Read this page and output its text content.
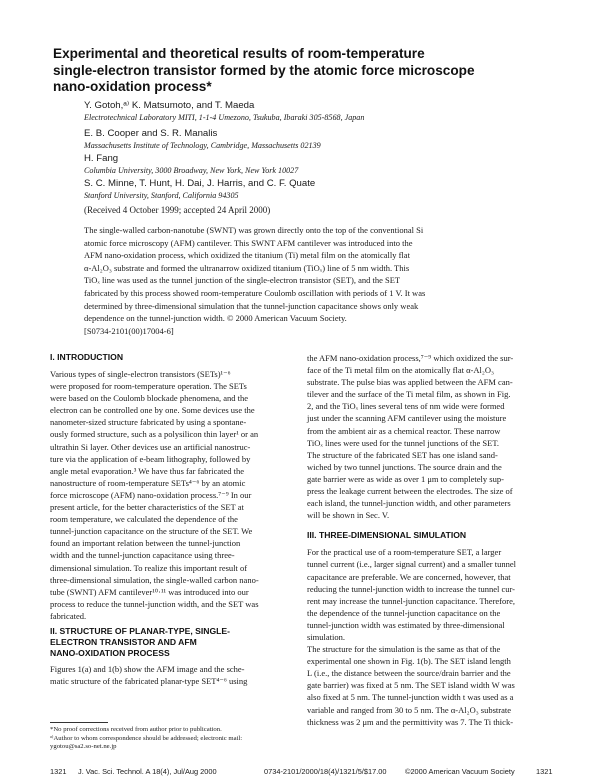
Experimental and theoretical results of room-temperature
single-electron transistor formed by the atomic force microscope
nano-oxidation process*
Y. Gotoh,ᵃ⁾ K. Matsumoto, and T. Maeda
Electrotechnical Laboratory MITI, 1-1-4 Umezono, Tsukuba, Ibaraki 305-8568, Japan
E. B. Cooper and S. R. Manalis
Massachusetts Institute of Technology, Cambridge, Massachusetts 02139
H. Fang
Columbia University, 3000 Broadway, New York, New York 10027
S. C. Minne, T. Hunt, H. Dai, J. Harris, and C. F. Quate
Stanford University, Stanford, California 94305
(Received 4 October 1999; accepted 24 April 2000)
The single-walled carbon-nanotube (SWNT) was grown directly onto the top of the conventional Si
atomic force microscopy (AFM) cantilever. This SWNT AFM cantilever was introduced into the
AFM nano-oxidation process, which oxidized the titanium (Ti) metal film on the atomically flat
α-Al₂O₃ substrate and formed the ultranarrow oxidized titanium (TiOₓ) line of 5 nm width. This
TiOₓ line was used as the tunnel junction of the single-electron transistor (SET), and the SET
fabricated by this process showed room-temperature Coulomb oscillation with periods of 1 V. It was
determined by three-dimensional simulation that the tunnel-junction capacitance shows only weak
dependence on the tunnel-junction width. © 2000 American Vacuum Society.
[S0734-2101(00)17004-6]
I. INTRODUCTION
Various types of single-electron transistors (SETs)¹⁻⁶
were proposed for room-temperature operation. The SETs
were based on the Coulomb blockade phenomena, and the
electron can be controlled one by one. Some devices use the
nanometer-sized structure fabricated by using a spontane-
ously formed structure, such as a polysilicon thin layer¹ or an
ultrathin Si layer. Other devices use an artificial nanostruc-
ture via the application of e-beam lithography, followed by
angle metal evaporation.³ We have thus far fabricated the
nanostructure of room-temperature SETs⁴⁻⁶ by an atomic
force microscope (AFM) nano-oxidation process.⁷⁻⁹ In our
present article, for the better characteristics of the SET at
room temperature, we calculated the dependence of the
tunnel-junction capacitance on the structure of the SET. We
found an important relation between the tunnel-junction
width and the tunnel-junction capacitance using three-
dimensional simulation. To realize this important result of
three-dimensional simulation, the single-walled carbon nano-
tube (SWNT) AFM cantilever¹⁰·¹¹ was introduced into our
process to reduce the tunnel-junction width, and the SET was
fabricated.
II. STRUCTURE OF PLANAR-TYPE, SINGLE-
ELECTRON TRANSISTOR AND AFM
NANO-OXIDATION PROCESS
Figures 1(a) and 1(b) show the AFM image and the sche-
matic structure of the fabricated planar-type SET⁴⁻⁶ using
the AFM nano-oxidation process,⁷⁻⁹ which oxidized the sur-
face of the Ti metal film on the atomically flat α-Al₂O₃
substrate. The pulse bias was applied between the AFM can-
tilever and the surface of the Ti metal film, as shown in Fig.
2, and the TiOₓ lines several tens of nm wide were formed
just under the scanning AFM cantilever using the moisture
from the ambient air as a chemical reactor. These narrow
TiOₓ lines were used for the tunnel junctions of the SET.
The structure of the fabricated SET has one island sand-
wiched by two tunnel junctions. The source drain and the
gate barrier were as wide as over 1 μm to completely sup-
press the leakage current between the electrodes. The size of
each island, the tunnel-junction width, and other parameters
will be shown in Sec. V.
III. THREE-DIMENSIONAL SIMULATION
For the practical use of a room-temperature SET, a larger
tunnel current (i.e., larger signal current) and a smaller tunnel
capacitance are preferable. We are concerned, however, that
reducing the tunnel-junction width to increase the tunnel cur-
rent may increase the tunnel-junction capacitance. Therefore,
the dependence of the tunnel-junction capacitance on the
tunnel-junction width was estimated by three-dimensional
simulation.
The structure for the simulation is the same as that of the
experimental one shown in Fig. 1(b). The SET island length
L (i.e., the distance between the source/drain barrier and the
gate barrier) was fixed at 5 nm. The SET island width W was
also fixed at 5 nm. The tunnel-junction width t was used as a
variable and ranged from 30 to 5 nm. The α-Al₂O₃ substrate
thickness was 2 μm and the permittivity was 7. The Ti thick-
*No proof corrections received from author prior to publication.
ᵃ⁾Author to whom correspondence should be addressed; electronic mail:
ygotou@sa2.so-net.ne.jp
1321 J. Vac. Sci. Technol. A 18(4), Jul/Aug 2000	0734-2101/2000/18(4)/1321/5/$17.00	©2000 American Vacuum Society	1321
